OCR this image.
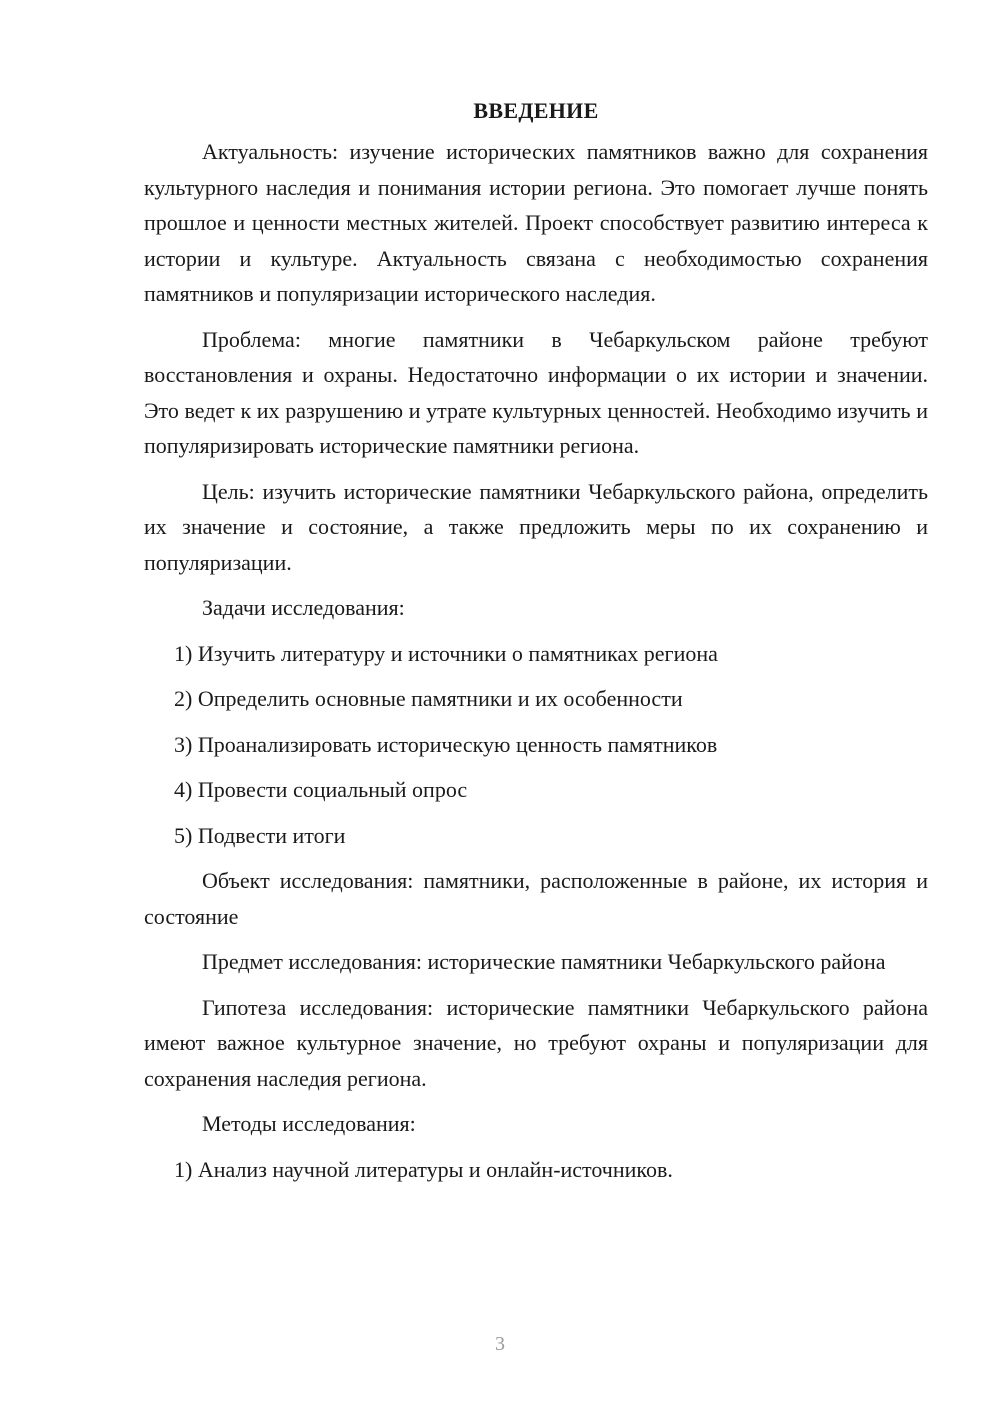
ВВЕДЕНИЕ

Актуальность: изучение исторических памятников важно для сохранения культурного наследия и понимания истории региона. Это помогает лучше понять прошлое и ценности местных жителей. Проект способствует развитию интереса к истории и культуре. Актуальность связана с необходимостью сохранения памятников и популяризации исторического наследия.

Проблема: многие памятники в Чебаркульском районе требуют восстановления и охраны. Недостаточно информации о их истории и значении. Это ведет к их разрушению и утрате культурных ценностей. Необходимо изучить и популяризировать исторические памятники региона.

Цель: изучить исторические памятники Чебаркульского района, определить их значение и состояние, а также предложить меры по их сохранению и популяризации.

Задачи исследования:

1) Изучить литературу и источники о памятниках региона
2) Определить основные памятники и их особенности
3) Проанализировать историческую ценность памятников
4) Провести социальный опрос
5) Подвести итоги

Объект исследования: памятники, расположенные в районе, их история и состояние

Предмет исследования: исторические памятники Чебаркульского района

Гипотеза исследования: исторические памятники Чебаркульского района имеют важное культурное значение, но требуют охраны и популяризации для сохранения наследия региона.

Методы исследования:

1) Анализ научной литературы и онлайн-источников.
3
